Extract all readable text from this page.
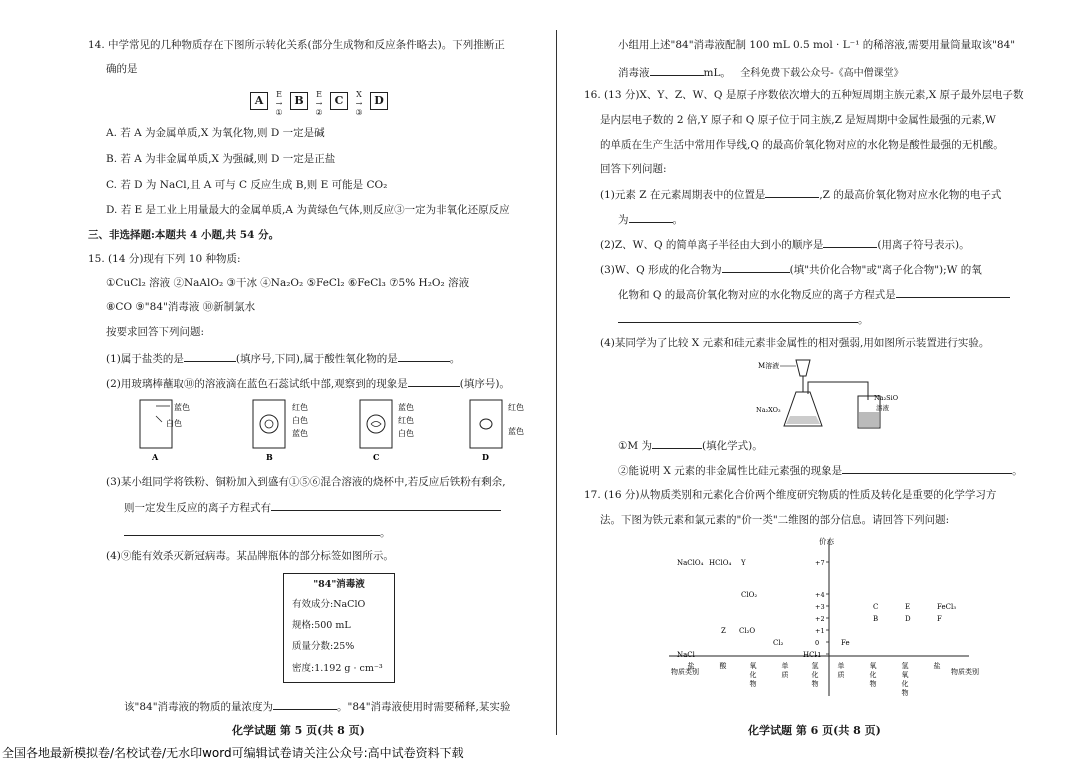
14. 中学常见的几种物质存在下图所示转化关系(部分生成物和反应条件略去)。下列推断正
确的是
A	E
→
①
B	E
→
②
C	X
→
③
D
A. 若 A 为金属单质,X 为氧化物,则 D 一定是碱
B. 若 A 为非金属单质,X 为强碱,则 D 一定是正盐
C. 若 D 为 NaCl,且 A 可与 C 反应生成 B,则 E 可能是 CO₂
D. 若 E 是工业上用量最大的金属单质,A 为黄绿色气体,则反应③一定为非氧化还原反应
三、非选择题:本题共 4 小题,共 54 分。
15. (14 分)现有下列 10 种物质:
①CuCl₂ 溶液 ②NaAlO₂ ③干冰 ④Na₂O₂ ⑤FeCl₂ ⑥FeCl₃ ⑦5% H₂O₂ 溶液
⑧CO ⑨"84"消毒液 ⑩新制氯水
按要求回答下列问题:
(1)属于盐类的是	(填序号,下同),属于酸性氧化物的是	。
(2)用玻璃棒蘸取⑩的溶液滴在蓝色石蕊试纸中部,观察到的现象是	(填序号)。
蓝色
白色
A
红色
白色
蓝色
B
蓝色
红色
白色
C
红色
蓝色
D
(3)某小组同学将铁粉、铜粉加入到盛有①⑤⑥混合溶液的烧杯中,若反应后铁粉有剩余,
则一定发生反应的离子方程式有
。
(4)⑨能有效杀灭新冠病毒。某品牌瓶体的部分标签如图所示。
"84"消毒液
有效成分:NaClO
规格:500 mL
质量分数:25%
密度:1.192 g · cm⁻³
该"84"消毒液的物质的量浓度为	。"84"消毒液使用时需要稀释,某实验
化学试题 第 5 页(共 8 页)
小组用上述"84"消毒液配制 100 mL 0.5 mol · L⁻¹ 的稀溶液,需要用量筒量取该"84"
消毒液	mL。 全科免费下载公众号-《高中僧课堂》
16. (13 分)X、Y、Z、W、Q 是原子序数依次增大的五种短周期主族元素,X 原子最外层电子数
是内层电子数的 2 倍,Y 原子和 Q 原子位于同主族,Z 是短周期中金属性最强的元素,W
的单质在生产生活中常用作导线,Q 的最高价氧化物对应的水化物是酸性最强的无机酸。
回答下列问题:
(1)元素 Z 在元素周期表中的位置是	,Z 的最高价氧化物对应水化物的电子式
为	。
(2)Z、W、Q 的简单离子半径由大到小的顺序是	(用离子符号表示)。
(3)W、Q 形成的化合物为	(填"共价化合物"或"离子化合物");W 的氧
化物和 Q 的最高价氧化物对应的水化物反应的离子方程式是
。
(4)某同学为了比较 X 元素和硅元素非金属性的相对强弱,用如图所示装置进行实验。
M溶液
Na₂XO₃
Na₂SiO
溶液
①M 为	(填化学式)。
②能说明 X 元素的非金属性比硅元素强的现象是	。
17. (16 分)从物质类别和元素化合价两个维度研究物质的性质及转化是重要的化学学习方
法。下图为铁元素和氯元素的"价一类"二维图的部分信息。请回答下列问题:
化学试题 第 6 页(共 8 页)
价态
物质类别	物质类别
+7
+4
+3
+2
+1
0
-1
盐	酸	氧
化
物
单
质
氢
化
物
单
质
氧
化
物
氢
氧
化
物
盐
NaClO₄ HClO₄ Y
ClO₂
Z Cl₂O
Cl₂
HCl
NaCl
Fe
C
B
E
D
FeCl₃
F
全国各地最新模拟卷/名校试卷/无水印word可编辑试卷请关注公众号:高中试卷资料下载
